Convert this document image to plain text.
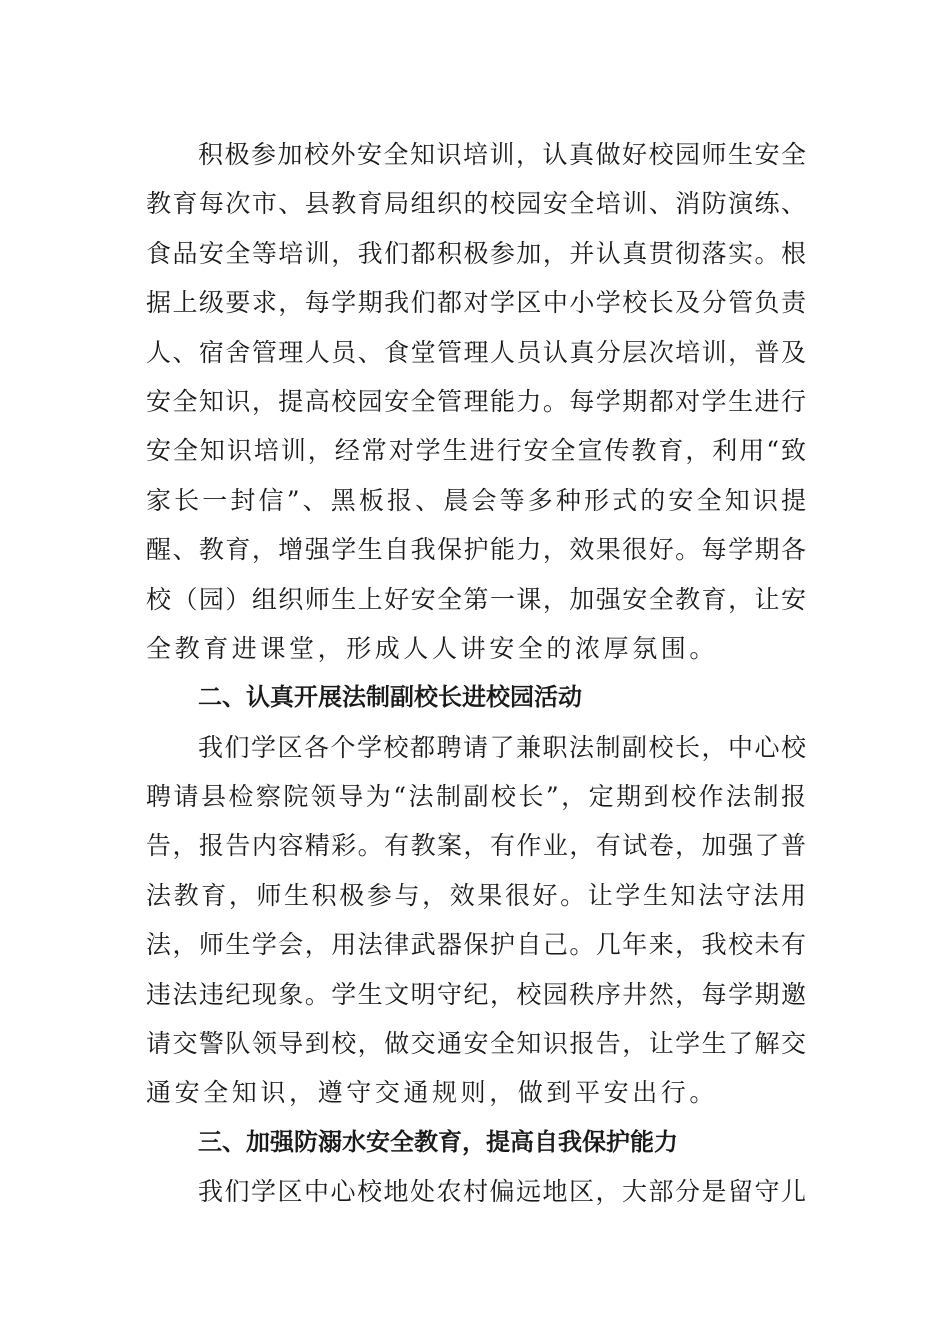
积极参加校外安全知识培训，认真做好校园师生安全
教育每次市、县教育局组织的校园安全培训、消防演练、
食品安全等培训，我们都积极参加，并认真贯彻落实。根
据上级要求，每学期我们都对学区中小学校长及分管负责
人、宿舍管理人员、食堂管理人员认真分层次培训，普及
安全知识，提高校园安全管理能力。每学期都对学生进行
安全知识培训，经常对学生进行安全宣传教育，利用“致
家长一封信”、黑板报、晨会等多种形式的安全知识提
醒、教育，增强学生自我保护能力，效果很好。每学期各
校（园）组织师生上好安全第一课，加强安全教育，让安
全教育进课堂，形成人人讲安全的浓厚氛围。
二、认真开展法制副校长进校园活动
我们学区各个学校都聘请了兼职法制副校长，中心校
聘请县检察院领导为“法制副校长”，定期到校作法制报
告，报告内容精彩。有教案，有作业，有试卷，加强了普
法教育，师生积极参与，效果很好。让学生知法守法用
法，师生学会，用法律武器保护自己。几年来，我校未有
违法违纪现象。学生文明守纪，校园秩序井然，每学期邀
请交警队领导到校，做交通安全知识报告，让学生了解交
通安全知识，遵守交通规则，做到平安出行。
三、加强防溺水安全教育，提高自我保护能力
我们学区中心校地处农村偏远地区，大部分是留守儿
